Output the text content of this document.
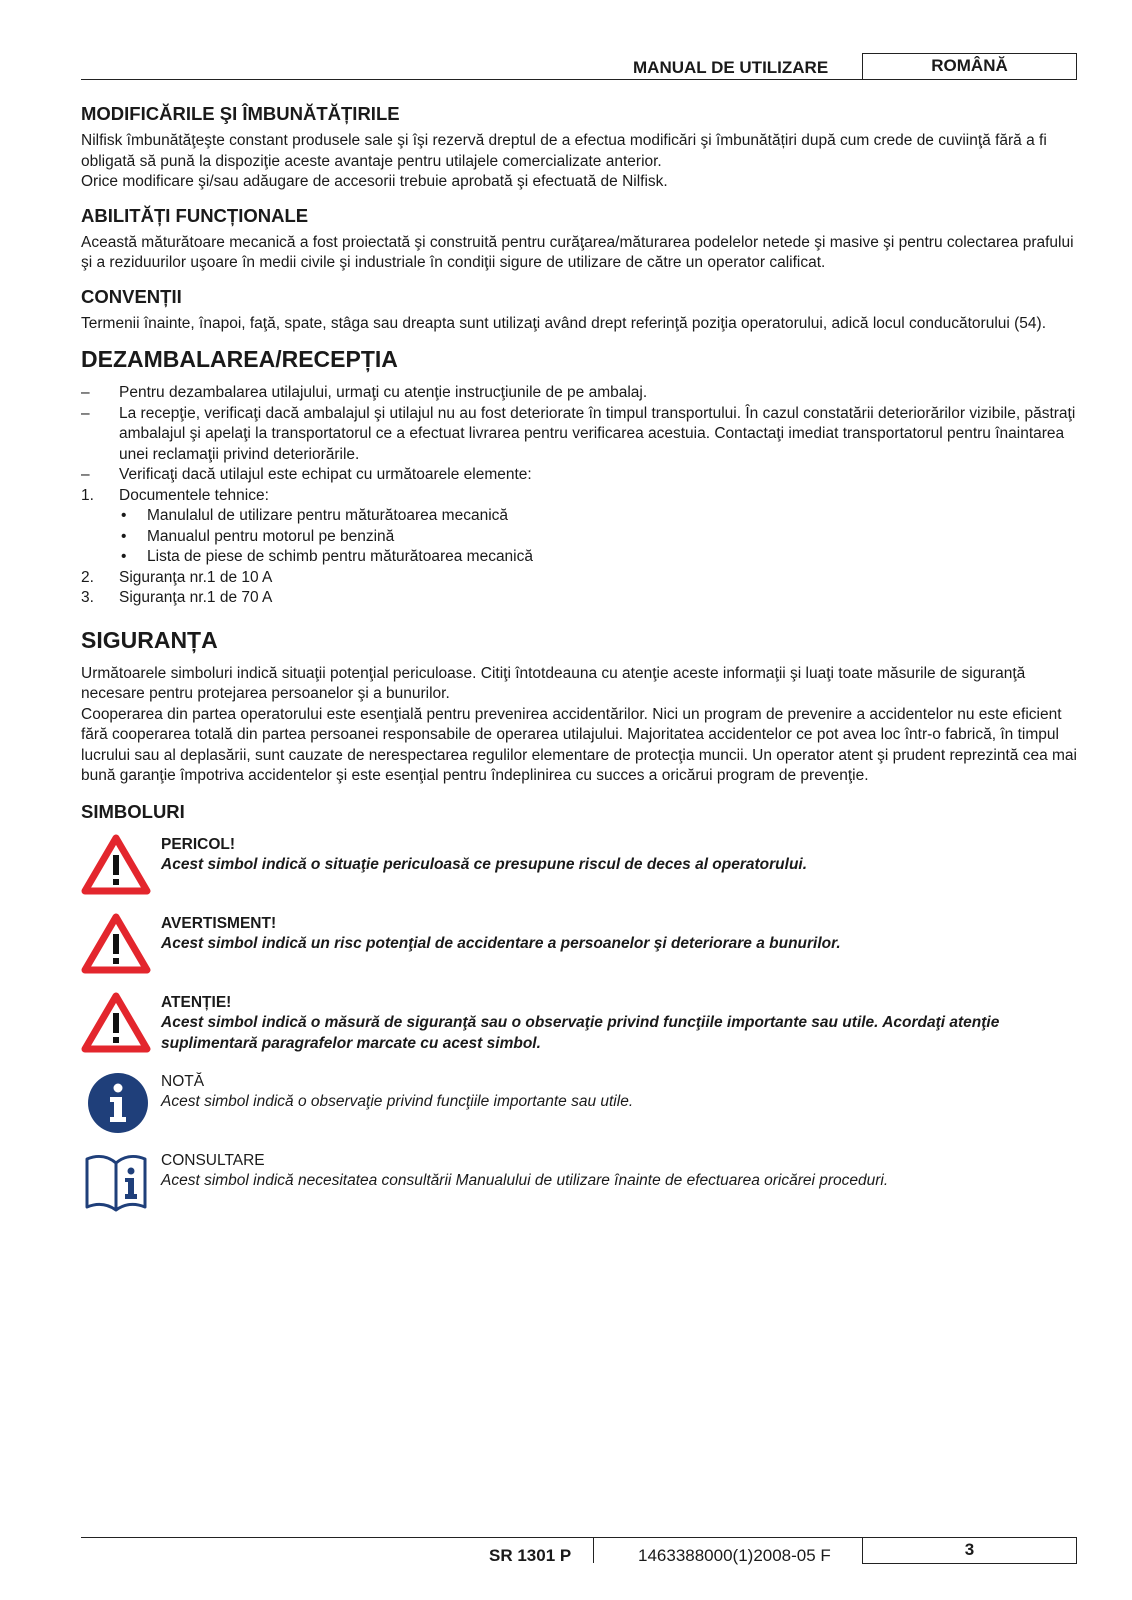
MANUAL DE UTILIZARE	ROMÂNĂ
MODIFICĂRILE ŞI ÎMBUNĂTĂȚIRILE

Nilfisk îmbunătăţeşte constant produsele sale şi îşi rezervă dreptul de a efectua modificări şi îmbunătățiri după cum crede de cuviinţă fără a fi obligată să pună la dispoziţie aceste avantaje pentru utilajele comercializate anterior.

Orice modificare şi/sau adăugare de accesorii trebuie aprobată şi efectuată de Nilfisk.

ABILITĂȚI FUNCȚIONALE

Această măturătoare mecanică a fost proiectată şi construită pentru curăţarea/măturarea podelelor netede şi masive şi pentru colectarea prafului şi a reziduurilor uşoare în medii civile şi industriale în condiţii sigure de utilizare de către un operator calificat.

CONVENȚII

Termenii înainte, înapoi, faţă, spate, stâga sau dreapta sunt utilizaţi având drept referinţă poziţia operatorului, adică locul conducătorului (54).

DEZAMBALAREA/RECEPȚIA
–	Pentru dezambalarea utilajului, urmaţi cu atenţie instrucţiunile de pe ambalaj.
–	La recepţie, verificaţi dacă ambalajul şi utilajul nu au fost deteriorate în timpul transportului. În cazul constatării deteriorărilor vizibile, păstraţi ambalajul şi apelaţi la transportatorul ce a efectuat livrarea pentru verificarea acestuia. Contactaţi imediat transportatorul pentru înaintarea unei reclamaţii privind deteriorările.
–	Verificaţi dacă utilajul este echipat cu următoarele elemente:
1.	Documentele tehnice:
•	Manulalul de utilizare pentru măturătoarea mecanică
•	Manualul pentru motorul pe benzină
•	Lista de piese de schimb pentru măturătoarea mecanică
2.	Siguranţa nr.1 de 10 A
3.	Siguranţa nr.1 de 70 A
SIGURANȚA

Următoarele simboluri indică situaţii potenţial periculoase. Citiţi întotdeauna cu atenţie aceste informaţii şi luaţi toate măsurile de siguranţă necesare pentru protejarea persoanelor şi a bunurilor.

Cooperarea din partea operatorului este esenţială pentru prevenirea accidentărilor. Nici un program de prevenire a accidentelor nu este eficient fără cooperarea totală din partea persoanei responsabile de operarea utilajului. Majoritatea accidentelor ce pot avea loc într-o fabrică, în timpul lucrului sau al deplasării, sunt cauzate de nerespectarea regulilor elementare de protecţia muncii. Un operator atent şi prudent reprezintă cea mai bună garanţie împotriva accidentelor şi este esenţial pentru îndeplinirea cu succes a oricărui program de prevenţie.

SIMBOLURI
PERICOL!
Acest simbol indică o situaţie periculoasă ce presupune riscul de deces al operatorului.
AVERTISMENT!
Acest simbol indică un risc potenţial de accidentare a persoanelor şi deteriorare a bunurilor.
ATENȚIE!
Acest simbol indică o măsură de siguranţă sau o observaţie privind funcţiile importante sau utile. Acordaţi atenţie suplimentară paragrafelor marcate cu acest simbol.
NOTĂ
Acest simbol indică o observaţie privind funcţiile importante sau utile.
CONSULTARE
Acest simbol indică necesitatea consultării Manualului de utilizare înainte de efectuarea oricărei proceduri.
SR 1301 P	1463388000(1)2008-05 F	3
